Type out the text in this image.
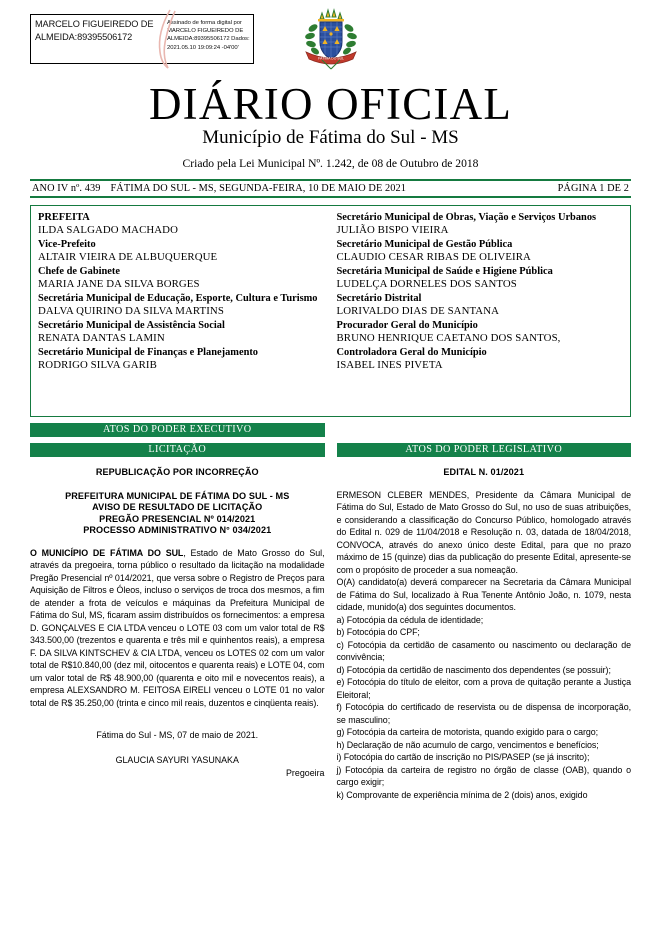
MARCELO FIGUEIREDO DE ALMEIDA:89395506172
Assinado de forma digital por MARCELO FIGUEIREDO DE ALMEIDA:89395506172 Dados: 2021.05.10 19:09:24 -04'00'
FÁTIMA DO SUL
DIÁRIO OFICIAL
Município de Fátima do Sul - MS
Criado pela Lei Municipal Nº. 1.242, de 08 de Outubro de 2018
ANO IV nº. 439 FÁTIMA DO SUL - MS, SEGUNDA-FEIRA, 10 DE MAIO DE 2021	PÁGINA 1 DE 2
PREFEITA
ILDA SALGADO MACHADO
Vice-Prefeito
ALTAIR VIEIRA DE ALBUQUERQUE
Chefe de Gabinete
MARIA JANE DA SILVA BORGES
Secretária Municipal de Educação, Esporte, Cultura e Turismo
DALVA QUIRINO DA SILVA MARTINS
Secretário Municipal de Assistência Social
RENATA DANTAS LAMIN
Secretário Municipal de Finanças e Planejamento
RODRIGO SILVA GARIB
Secretário Municipal de Obras, Viação e Serviços Urbanos
JULIÃO BISPO VIEIRA
Secretário Municipal de Gestão Pública
CLAUDIO CESAR RIBAS DE OLIVEIRA
Secretária Municipal de Saúde e Higiene Pública
LUDELÇA DORNELES DOS SANTOS
Secretário Distrital
LORIVALDO DIAS DE SANTANA
Procurador Geral do Município
BRUNO HENRIQUE CAETANO DOS SANTOS,
Controladora Geral do Município
ISABEL INES PIVETA
ATOS DO PODER EXECUTIVO
LICITAÇÃO	ATOS DO PODER LEGISLATIVO
REPUBLICAÇÃO POR INCORREÇÃO
PREFEITURA MUNICIPAL DE FÁTIMA DO SUL - MS
AVISO DE RESULTADO DE LICITAÇÃO
PREGÃO PRESENCIAL Nº 014/2021
PROCESSO ADMINISTRATIVO N° 034/2021
O MUNICÍPIO DE FÁTIMA DO SUL, Estado de Mato Grosso do Sul, através da pregoeira, torna público o resultado da licitação na modalidade Pregão Presencial nº 014/2021, que versa sobre o Registro de Preços para Aquisição de Filtros e Óleos, incluso o serviços de troca dos mesmos, a fim de atender a frota de veículos e máquinas da Prefeitura Municipal de Fátima do Sul, MS, ficaram assim distribuídos os fornecimentos: a empresa D. GONÇALVES E CIA LTDA venceu o LOTE 03 com um valor total de R$ 343.500,00 (trezentos e quarenta e três mil e quinhentos reais), a empresa F. DA SILVA KINTSCHEV & CIA LTDA, venceu os LOTES 02 com um valor total de R$10.840,00 (dez mil, oitocentos e quarenta reais) e LOTE 04, com um valor total de R$ 48.900,00 (quarenta e oito mil e novecentos reais), a empresa ALEXSANDRO M. FEITOSA EIRELI venceu o LOTE 01 no valor total de R$ 35.250,00 (trinta e cinco mil reais, duzentos e cinqüenta reais).
Fátima do Sul - MS, 07 de maio de 2021.
GLAUCIA SAYURI YASUNAKA
Pregoeira
EDITAL N. 01/2021
ERMESON CLEBER MENDES, Presidente da Câmara Municipal de Fátima do Sul, Estado de Mato Grosso do Sul, no uso de suas atribuições, e considerando a classificação do Concurso Público, homologado através do Edital n. 029 de 11/04/2018 e Resolução n. 03, datada de 18/04/2018, CONVOCA, através do anexo único deste Edital, para que no prazo máximo de 15 (quinze) dias da publicação do presente Edital, apresente-se com o propósito de proceder a sua nomeação.
O(A) candidato(a) deverá comparecer na Secretaria da Câmara Municipal de Fátima do Sul, localizado à Rua Tenente Antônio João, n. 1079, nesta cidade, munido(a) dos seguintes documentos.
a) Fotocópia da cédula de identidade;
b) Fotocópia do CPF;
c) Fotocópia da certidão de casamento ou nascimento ou declaração de convivência;
d) Fotocópia da certidão de nascimento dos dependentes (se possuir);
e) Fotocópia do título de eleitor, com a prova de quitação perante a Justiça Eleitoral;
f) Fotocópia do certificado de reservista ou de dispensa de incorporação, se masculino;
g) Fotocópia da carteira de motorista, quando exigido para o cargo;
h) Declaração de não acumulo de cargo, vencimentos e benefícios;
i) Fotocópia do cartão de inscrição no PIS/PASEP (se já inscrito);
j) Fotocópia da carteira de registro no órgão de classe (OAB), quando o cargo exigir;
k) Comprovante de experiência mínima de 2 (dois) anos, exigido
